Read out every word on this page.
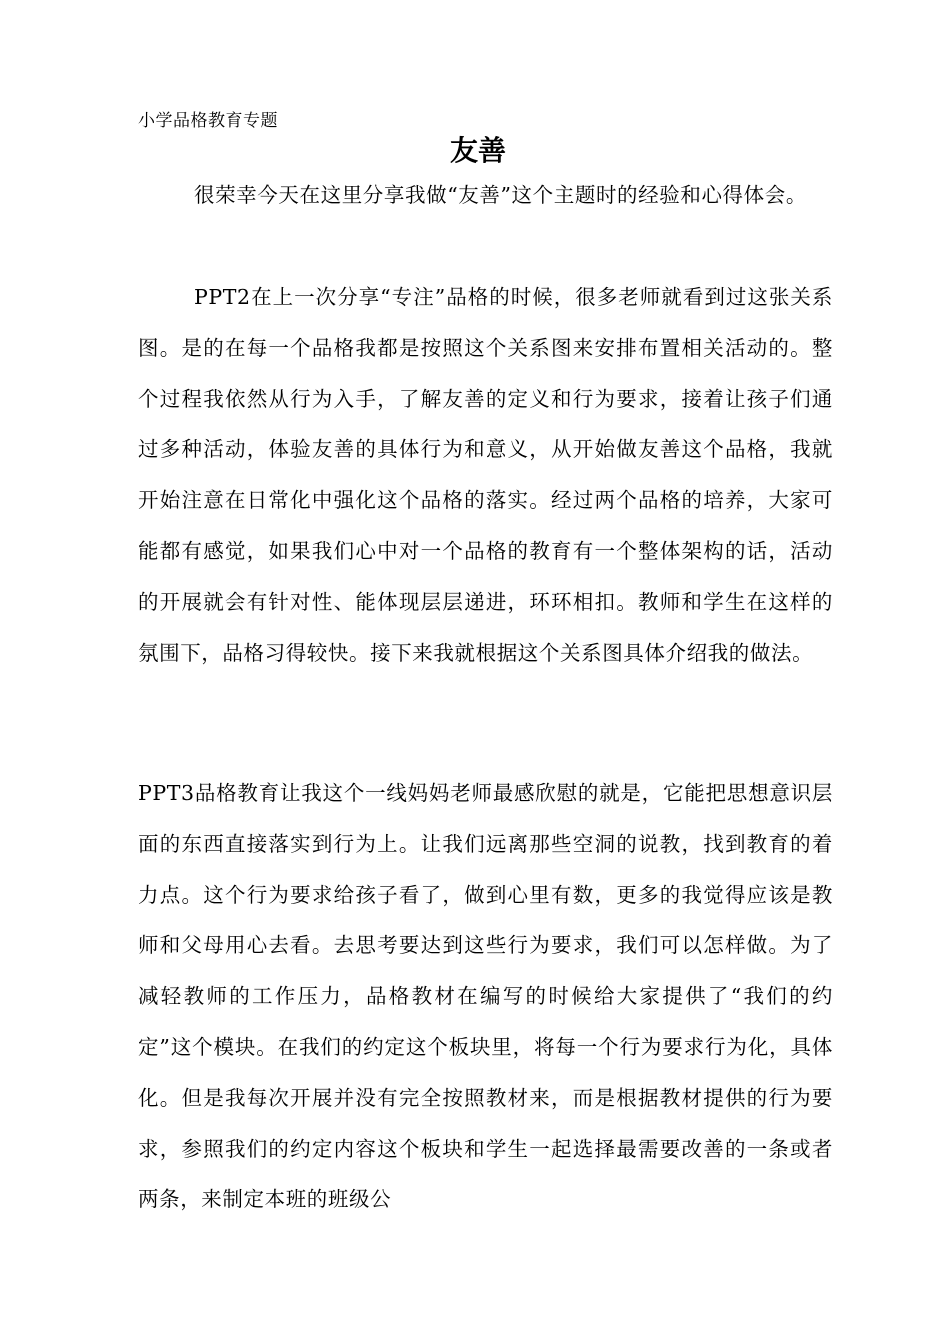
小学品格教育专题
友善

很荣幸今天在这里分享我做“友善”这个主题时的经验和心得体会。

PPT2在上一次分享“专注”品格的时候，很多老师就看到过这张关系图。是的在每一个品格我都是按照这个关系图来安排布置相关活动的。整个过程我依然从行为入手，了解友善的定义和行为要求，接着让孩子们通过多种活动，体验友善的具体行为和意义，从开始做友善这个品格，我就开始注意在日常化中强化这个品格的落实。经过两个品格的培养，大家可能都有感觉，如果我们心中对一个品格的教育有一个整体架构的话，活动的开展就会有针对性、能体现层层递进，环环相扣。教师和学生在这样的氛围下，品格习得较快。接下来我就根据这个关系图具体介绍我的做法。

PPT3品格教育让我这个一线妈妈老师最感欣慰的就是，它能把思想意识层面的东西直接落实到行为上。让我们远离那些空洞的说教，找到教育的着力点。这个行为要求给孩子看了，做到心里有数，更多的我觉得应该是教师和父母用心去看。去思考要达到这些行为要求，我们可以怎样做。为了减轻教师的工作压力，品格教材在编写的时候给大家提供了“我们的约定”这个模块。在我们的约定这个板块里，将每一个行为要求行为化，具体化。但是我每次开展并没有完全按照教材来，而是根据教材提供的行为要求，参照我们的约定内容这个板块和学生一起选择最需要改善的一条或者两条，来制定本班的班级公
